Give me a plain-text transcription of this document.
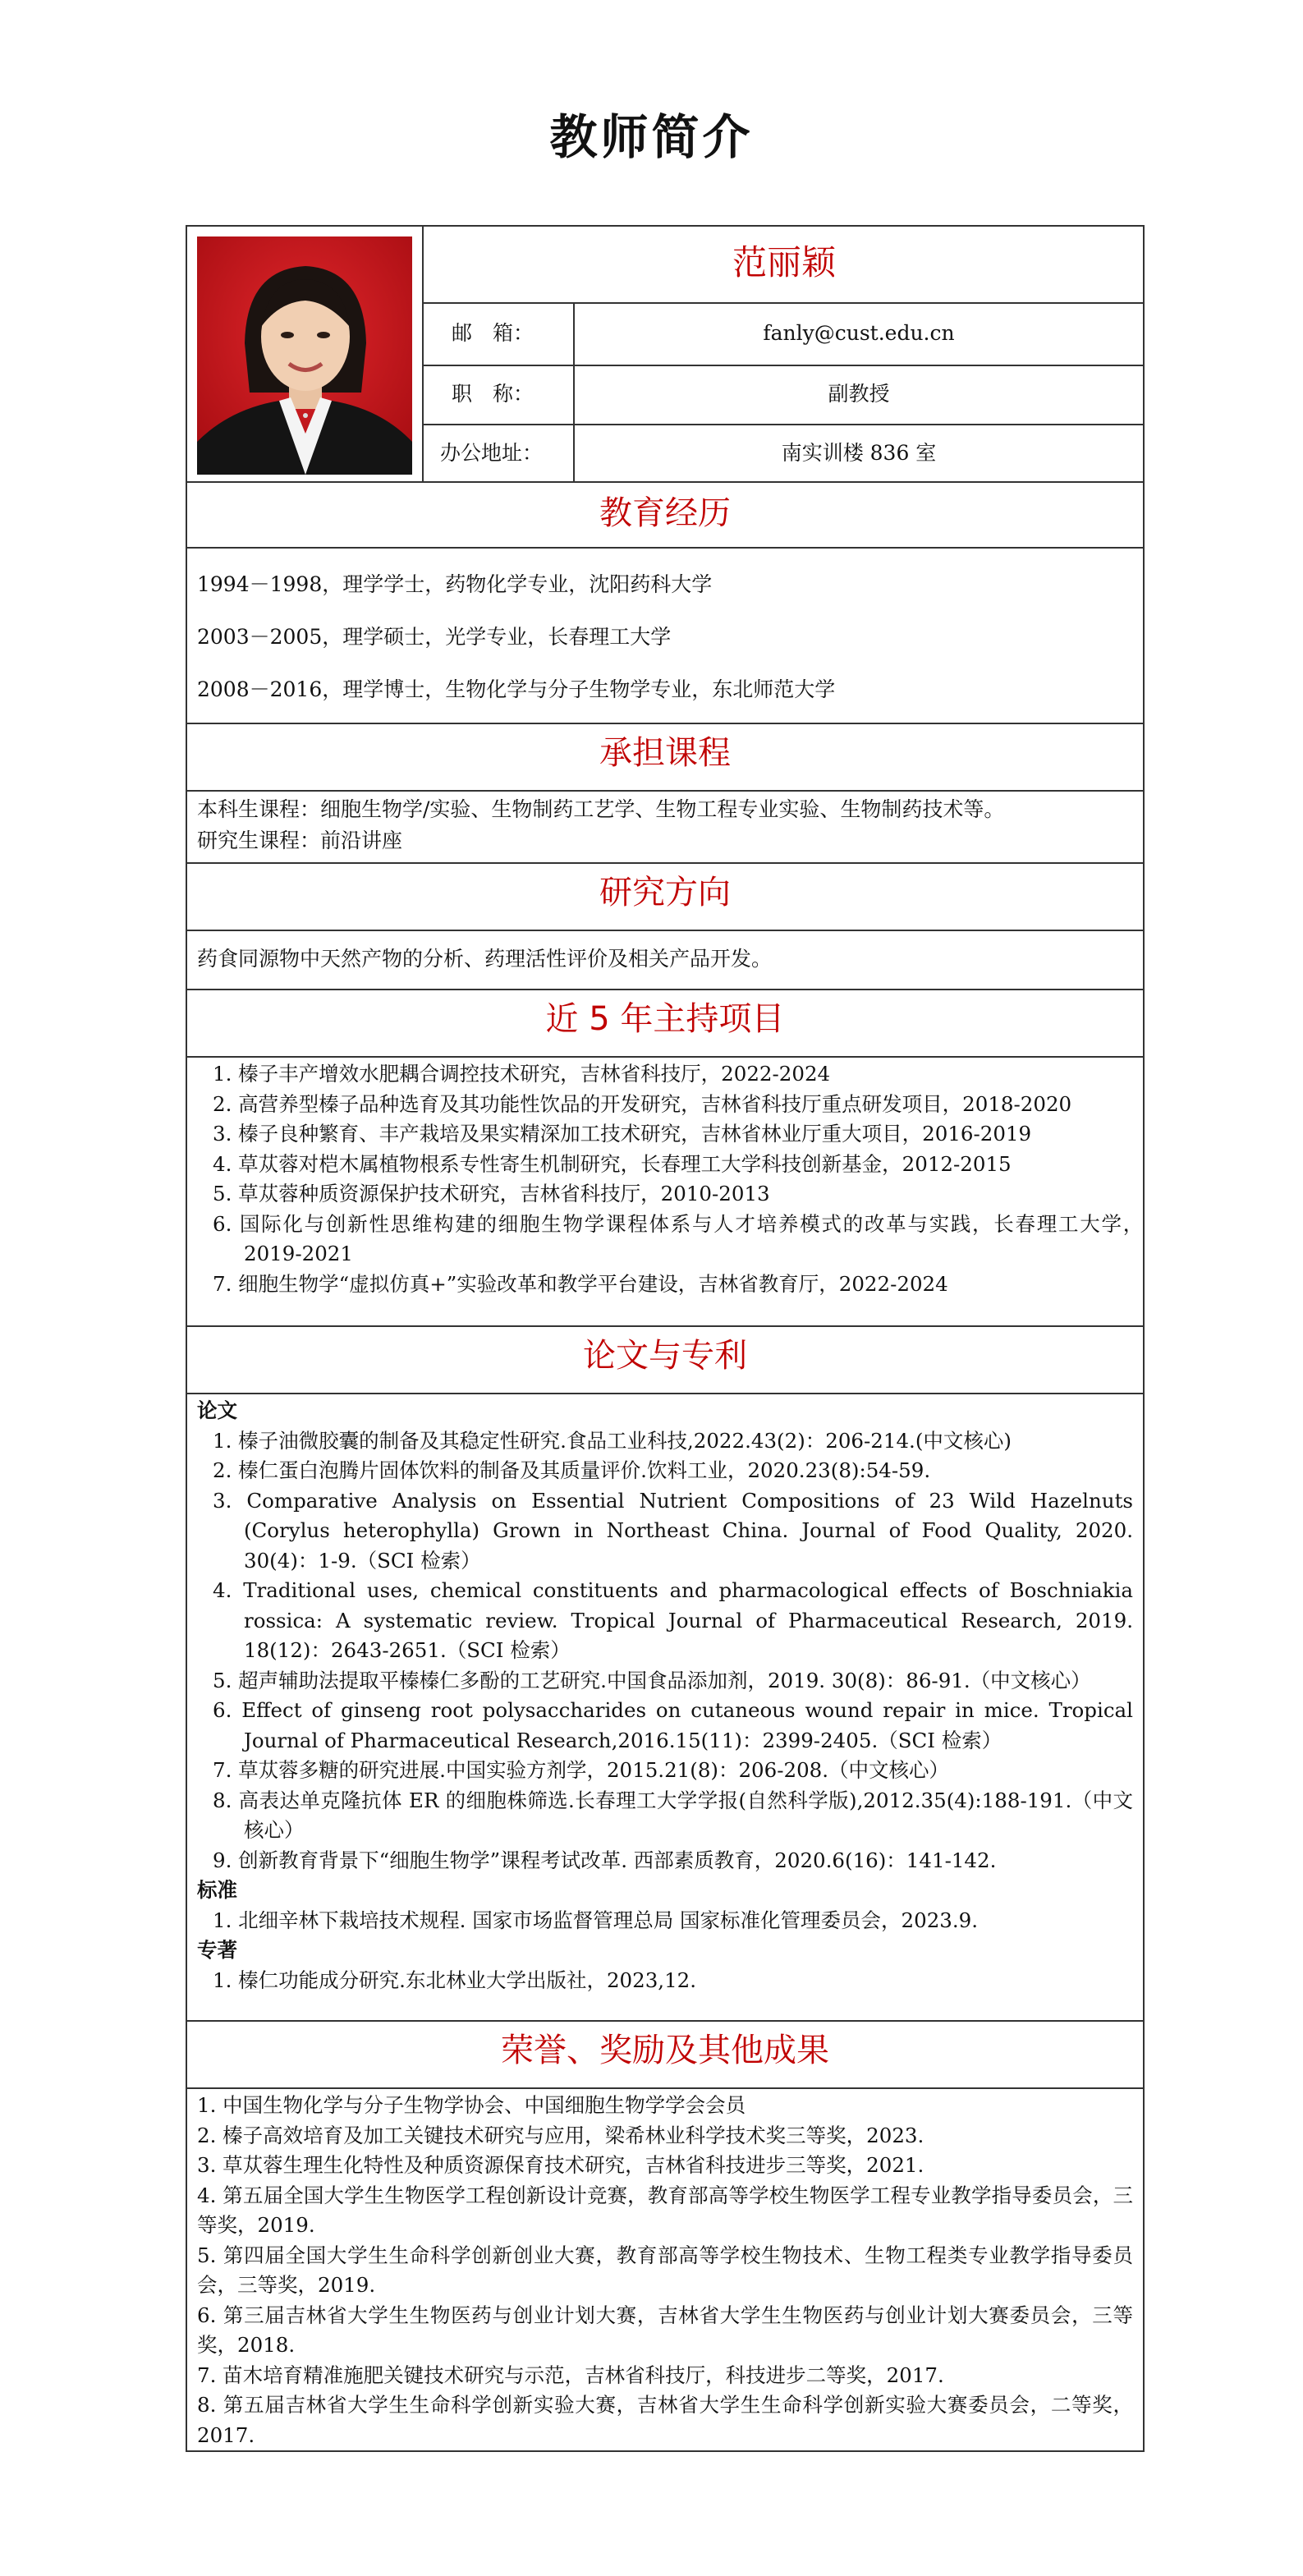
教师简介
范丽颖
邮　箱：	fanly@cust.edu.cn
职　称：	副教授
办公地址：	南实训楼 836 室
教育经历
1994－1998，理学学士，药物化学专业，沈阳药科大学
2003－2005，理学硕士，光学专业，长春理工大学
2008－2016，理学博士，生物化学与分子生物学专业，东北师范大学
承担课程
本科生课程：细胞生物学/实验、生物制药工艺学、生物工程专业实验、生物制药技术等。
研究生课程：前沿讲座
研究方向
药食同源物中天然产物的分析、药理活性评价及相关产品开发。
近 5 年主持项目
1. 榛子丰产增效水肥耦合调控技术研究，吉林省科技厅，2022-2024
2. 高营养型榛子品种选育及其功能性饮品的开发研究，吉林省科技厅重点研发项目，2018-2020
3. 榛子良种繁育、丰产栽培及果实精深加工技术研究，吉林省林业厅重大项目，2016-2019
4. 草苁蓉对桤木属植物根系专性寄生机制研究，长春理工大学科技创新基金，2012-2015
5. 草苁蓉种质资源保护技术研究，吉林省科技厅，2010-2013
6. 国际化与创新性思维构建的细胞生物学课程体系与人才培养模式的改革与实践，长春理工大学，　2019-2021
7. 细胞生物学“虚拟仿真+”实验改革和教学平台建设，吉林省教育厅，2022-2024
论文与专利
论文
1. 榛子油微胶囊的制备及其稳定性研究.食品工业科技,2022.43(2)：206-214.(中文核心)
2. 榛仁蛋白泡腾片固体饮料的制备及其质量评价.饮料工业，2020.23(8):54-59.
3. Comparative Analysis on Essential Nutrient Compositions of 23 Wild Hazelnuts (Corylus heterophylla) Grown in Northeast China. Journal of Food Quality, 2020. 30(4)：1-9.（SCI 检索）
4. Traditional uses, chemical constituents and pharmacological effects of Boschniakia rossica: A systematic review. Tropical Journal of Pharmaceutical Research, 2019. 18(12)：2643-2651.（SCI 检索）
5. 超声辅助法提取平榛榛仁多酚的工艺研究.中国食品添加剂，2019. 30(8)：86-91.（中文核心）
6. Effect of ginseng root polysaccharides on cutaneous wound repair in mice. Tropical Journal of Pharmaceutical Research,2016.15(11)：2399-2405.（SCI 检索）
7. 草苁蓉多糖的研究进展.中国实验方剂学，2015.21(8)：206-208.（中文核心）
8. 高表达单克隆抗体 ER 的细胞株筛选.长春理工大学学报(自然科学版),2012.35(4):188-191.（中文核心）
9. 创新教育背景下“细胞生物学”课程考试改革. 西部素质教育，2020.6(16)：141-142.
标准
1. 北细辛林下栽培技术规程. 国家市场监督管理总局 国家标准化管理委员会，2023.9.
专著
1. 榛仁功能成分研究.东北林业大学出版社，2023,12.
荣誉、奖励及其他成果
1. 中国生物化学与分子生物学协会、中国细胞生物学学会会员
2. 榛子高效培育及加工关键技术研究与应用，梁希林业科学技术奖三等奖，2023.
3. 草苁蓉生理生化特性及种质资源保育技术研究，吉林省科技进步三等奖，2021.
4. 第五届全国大学生生物医学工程创新设计竞赛，教育部高等学校生物医学工程专业教学指导委员会，三等奖，2019.
5. 第四届全国大学生生命科学创新创业大赛，教育部高等学校生物技术、生物工程类专业教学指导委员会，三等奖，2019.
6. 第三届吉林省大学生生物医药与创业计划大赛，吉林省大学生生物医药与创业计划大赛委员会，三等奖，2018.
7. 苗木培育精准施肥关键技术研究与示范，吉林省科技厅，科技进步二等奖，2017.
8. 第五届吉林省大学生生命科学创新实验大赛，吉林省大学生生命科学创新实验大赛委员会，二等奖，2017.
